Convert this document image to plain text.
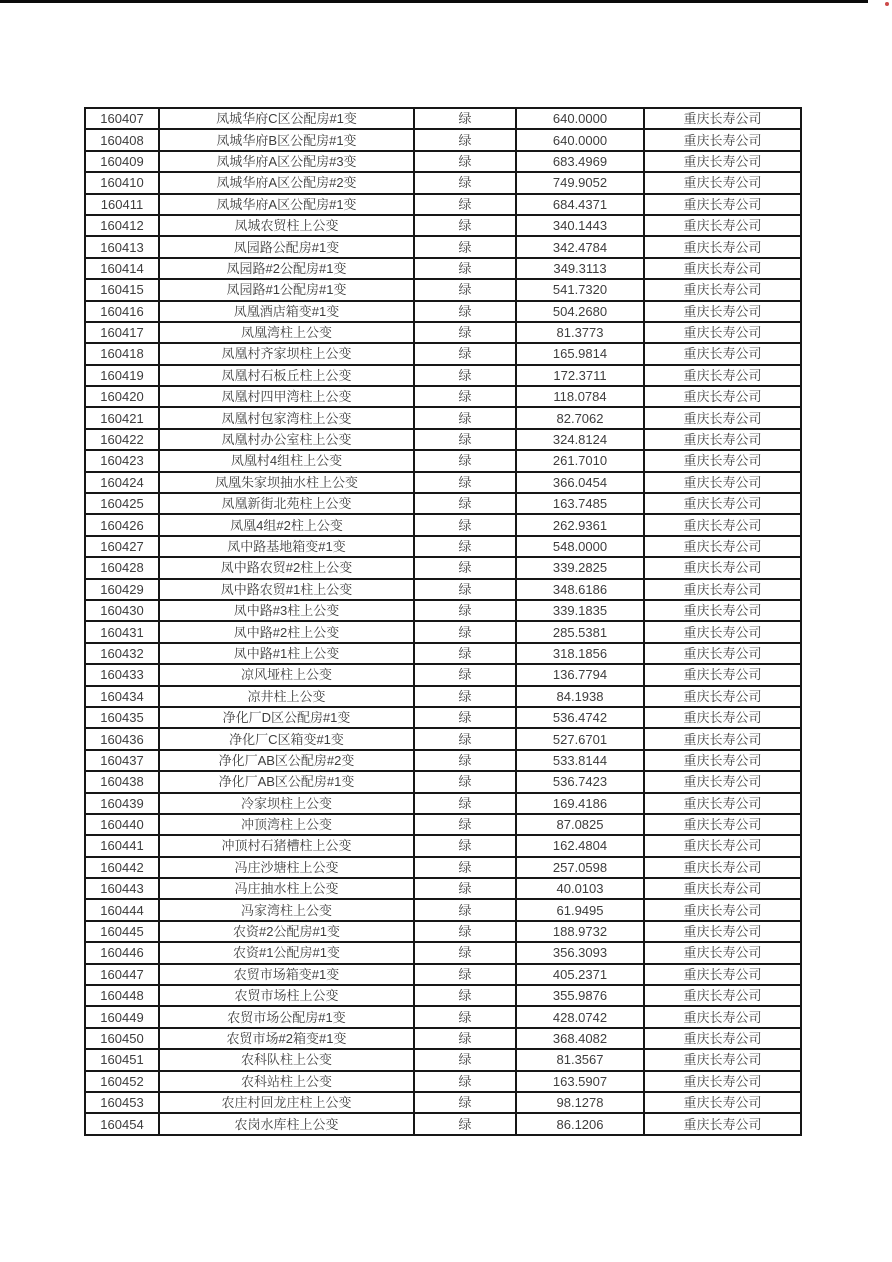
160407	凤城华府C区公配房#1变	绿	640.0000	重庆长寿公司
160408	凤城华府B区公配房#1变	绿	640.0000	重庆长寿公司
160409	凤城华府A区公配房#3变	绿	683.4969	重庆长寿公司
160410	凤城华府A区公配房#2变	绿	749.9052	重庆长寿公司
160411	凤城华府A区公配房#1变	绿	684.4371	重庆长寿公司
160412	凤城农贸柱上公变	绿	340.1443	重庆长寿公司
160413	凤园路公配房#1变	绿	342.4784	重庆长寿公司
160414	凤园路#2公配房#1变	绿	349.3113	重庆长寿公司
160415	凤园路#1公配房#1变	绿	541.7320	重庆长寿公司
160416	凤凰酒店箱变#1变	绿	504.2680	重庆长寿公司
160417	凤凰湾柱上公变	绿	81.3773	重庆长寿公司
160418	凤凰村齐家坝柱上公变	绿	165.9814	重庆长寿公司
160419	凤凰村石板丘柱上公变	绿	172.3711	重庆长寿公司
160420	凤凰村四甲湾柱上公变	绿	118.0784	重庆长寿公司
160421	凤凰村包家湾柱上公变	绿	82.7062	重庆长寿公司
160422	凤凰村办公室柱上公变	绿	324.8124	重庆长寿公司
160423	凤凰村4组柱上公变	绿	261.7010	重庆长寿公司
160424	凤凰朱家坝抽水柱上公变	绿	366.0454	重庆长寿公司
160425	凤凰新街北苑柱上公变	绿	163.7485	重庆长寿公司
160426	凤凰4组#2柱上公变	绿	262.9361	重庆长寿公司
160427	凤中路基地箱变#1变	绿	548.0000	重庆长寿公司
160428	凤中路农贸#2柱上公变	绿	339.2825	重庆长寿公司
160429	凤中路农贸#1柱上公变	绿	348.6186	重庆长寿公司
160430	凤中路#3柱上公变	绿	339.1835	重庆长寿公司
160431	凤中路#2柱上公变	绿	285.5381	重庆长寿公司
160432	凤中路#1柱上公变	绿	318.1856	重庆长寿公司
160433	凉风垭柱上公变	绿	136.7794	重庆长寿公司
160434	凉井柱上公变	绿	84.1938	重庆长寿公司
160435	净化厂D区公配房#1变	绿	536.4742	重庆长寿公司
160436	净化厂C区箱变#1变	绿	527.6701	重庆长寿公司
160437	净化厂AB区公配房#2变	绿	533.8144	重庆长寿公司
160438	净化厂AB区公配房#1变	绿	536.7423	重庆长寿公司
160439	冷家坝柱上公变	绿	169.4186	重庆长寿公司
160440	冲顶湾柱上公变	绿	87.0825	重庆长寿公司
160441	冲顶村石猪槽柱上公变	绿	162.4804	重庆长寿公司
160442	冯庄沙塘柱上公变	绿	257.0598	重庆长寿公司
160443	冯庄抽水柱上公变	绿	40.0103	重庆长寿公司
160444	冯家湾柱上公变	绿	61.9495	重庆长寿公司
160445	农资#2公配房#1变	绿	188.9732	重庆长寿公司
160446	农资#1公配房#1变	绿	356.3093	重庆长寿公司
160447	农贸市场箱变#1变	绿	405.2371	重庆长寿公司
160448	农贸市场柱上公变	绿	355.9876	重庆长寿公司
160449	农贸市场公配房#1变	绿	428.0742	重庆长寿公司
160450	农贸市场#2箱变#1变	绿	368.4082	重庆长寿公司
160451	农科队柱上公变	绿	81.3567	重庆长寿公司
160452	农科站柱上公变	绿	163.5907	重庆长寿公司
160453	农庄村回龙庄柱上公变	绿	98.1278	重庆长寿公司
160454	农岗水库柱上公变	绿	86.1206	重庆长寿公司
